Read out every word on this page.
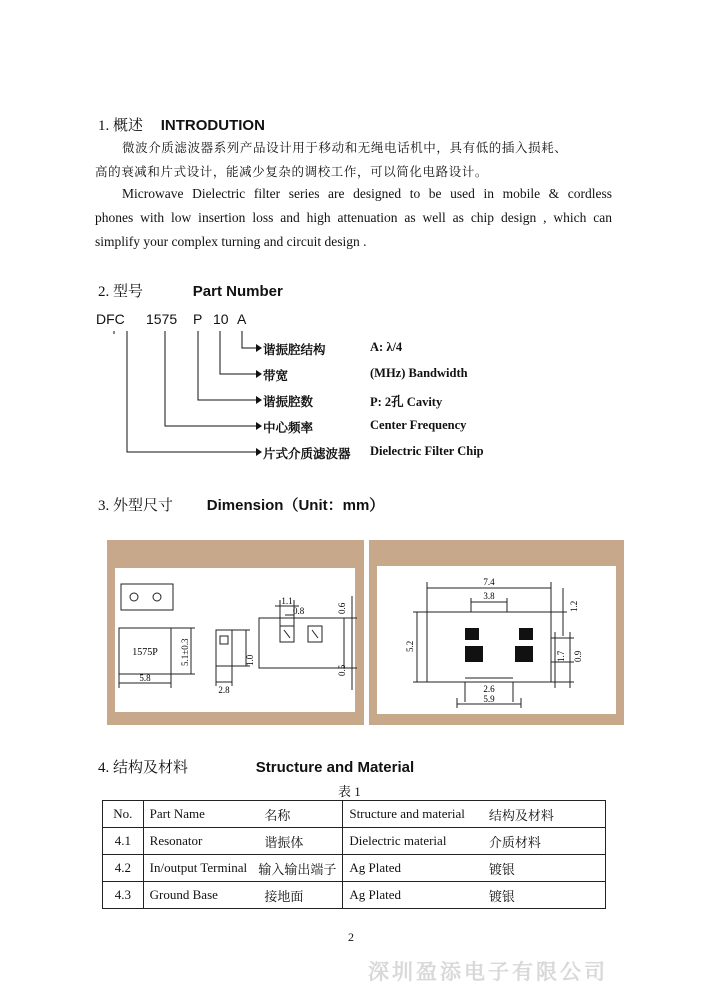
1. 概述 INTRODUTION
微波介质滤波器系列产品设计用于移动和无绳电话机中，具有低的插入损耗、
高的衰减和片式设计，能减少复杂的调校工作，可以简化电路设计。
Microwave Dielectric filter series are designed to be used in mobile & cordless
phones with low insertion loss and high attenuation as well as chip design , which can
simplify your complex turning and circuit design .
2. 型号	Part Number
DFC 1575 P 10 A
谐振腔结构	A: λ/4
带宽	(MHz) Bandwidth
谐振腔数	P: 2孔 Cavity
中心频率	Center Frequency
片式介质滤波器 Dielectric Filter Chip
3. 外型尺寸 Dimension（Unit：mm）
1575P
5.8
5.1±0.3	1.0
2.8
1.1
0.8	0.6
0.5
7.4
3.8
1.2
5.2
1.7 0.9
2.6
5.9
4. 结构及材料	Structure and Material
表 1
No.	Part Name	名称	Structure and material	结构及材料
4.1	Resonator	谐振体	Dielectric material	介质材料
4.2	In/output Terminal	输入输出端子	Ag Plated	镀银
4.3	Ground Base	接地面	Ag Plated	镀银
2
深圳盈添电子有限公司
